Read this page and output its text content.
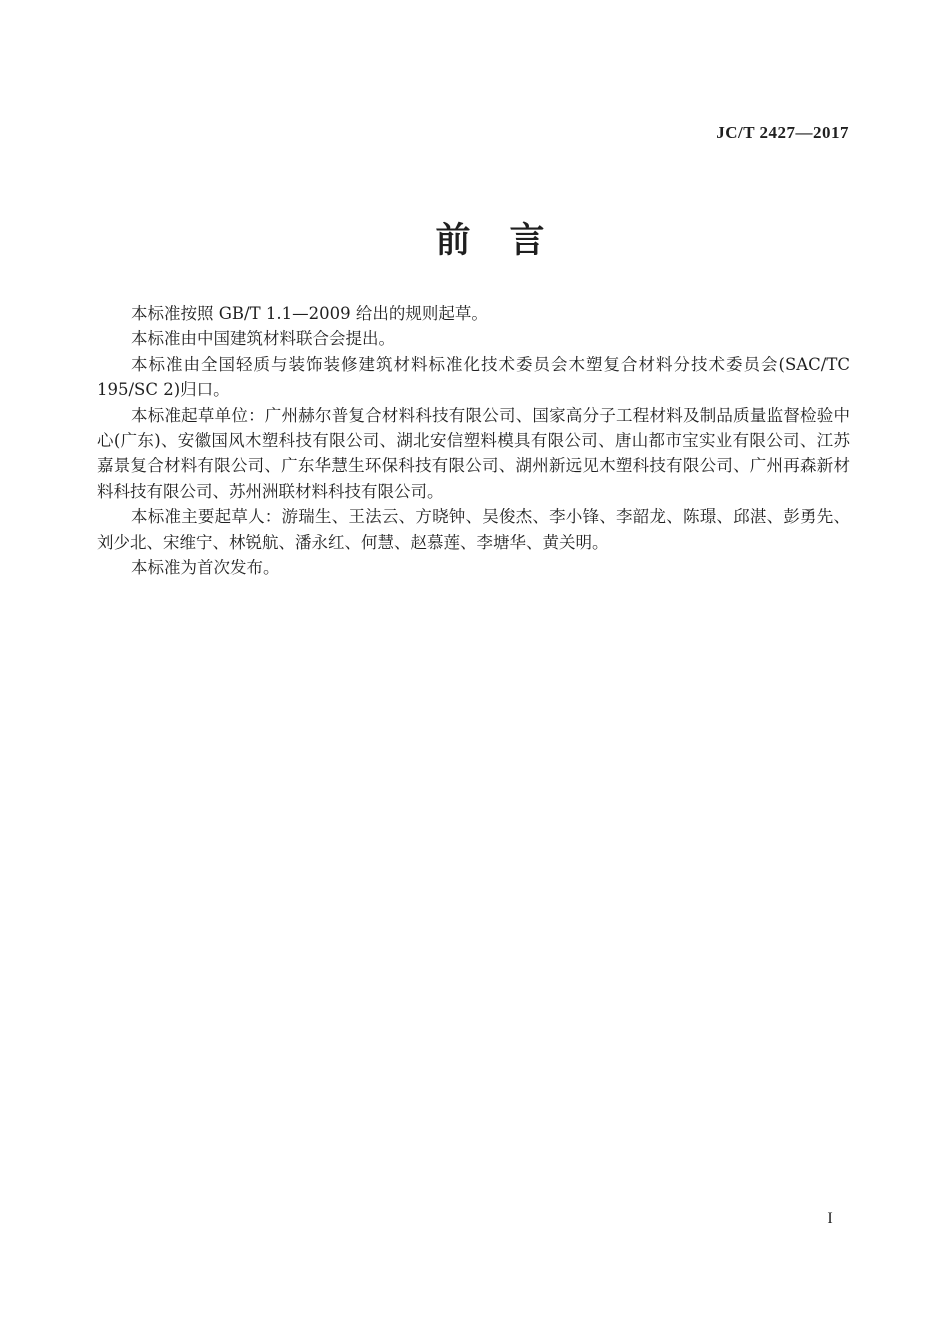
JC/T 2427—2017
前　言
本标准按照 GB/T 1.1—2009 给出的规则起草。
本标准由中国建筑材料联合会提出。
本标准由全国轻质与装饰装修建筑材料标准化技术委员会木塑复合材料分技术委员会(SAC/TC
195/SC 2)归口。
本标准起草单位：广州赫尔普复合材料科技有限公司、国家高分子工程材料及制品质量监督检验中
心(广东)、安徽国风木塑科技有限公司、湖北安信塑料模具有限公司、唐山都市宝实业有限公司、江苏
嘉景复合材料有限公司、广东华慧生环保科技有限公司、湖州新远见木塑科技有限公司、广州再森新材
料科技有限公司、苏州洲联材料科技有限公司。
本标准主要起草人：游瑞生、王法云、方晓钟、吴俊杰、李小锋、李韶龙、陈璟、邱湛、彭勇先、
刘少北、宋维宁、林锐航、潘永红、何慧、赵慕莲、李塘华、黄关明。
本标准为首次发布。
I
